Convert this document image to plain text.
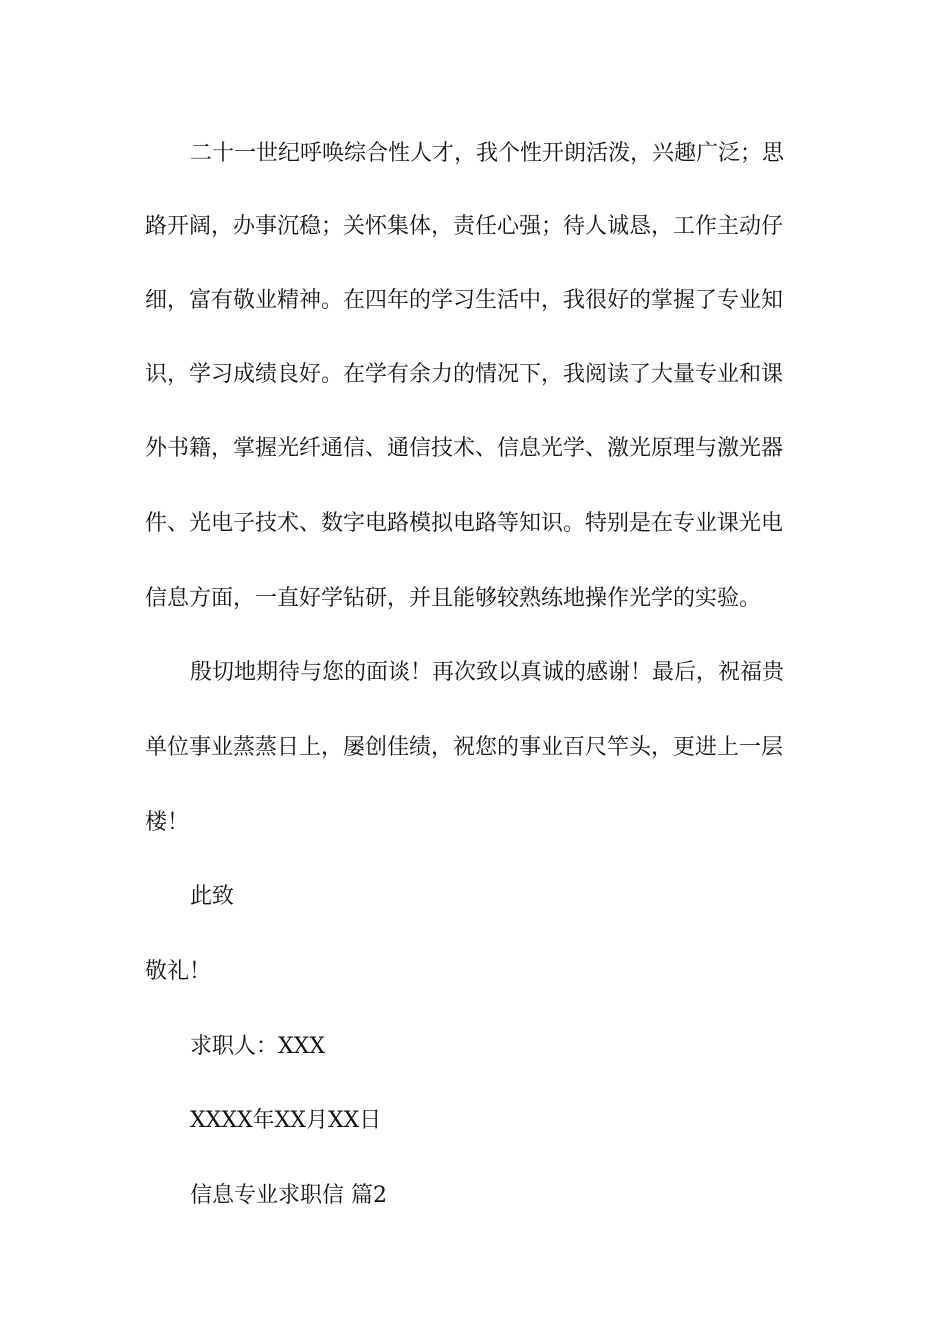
二十一世纪呼唤综合性人才，我个性开朗活泼，兴趣广泛；思
路开阔，办事沉稳；关怀集体，责任心强；待人诚恳，工作主动仔
细，富有敬业精神。在四年的学习生活中，我很好的掌握了专业知
识，学习成绩良好。在学有余力的情况下，我阅读了大量专业和课
外书籍，掌握光纤通信、通信技术、信息光学、激光原理与激光器
件、光电子技术、数字电路模拟电路等知识。特别是在专业课光电
信息方面，一直好学钻研，并且能够较熟练地操作光学的实验。
殷切地期待与您的面谈！再次致以真诚的感谢！最后，祝福贵
单位事业蒸蒸日上，屡创佳绩，祝您的事业百尺竿头，更进上一层
楼！
此致
敬礼！
求职人：XXX
XXXX年XX月XX日
信息专业求职信 篇2
